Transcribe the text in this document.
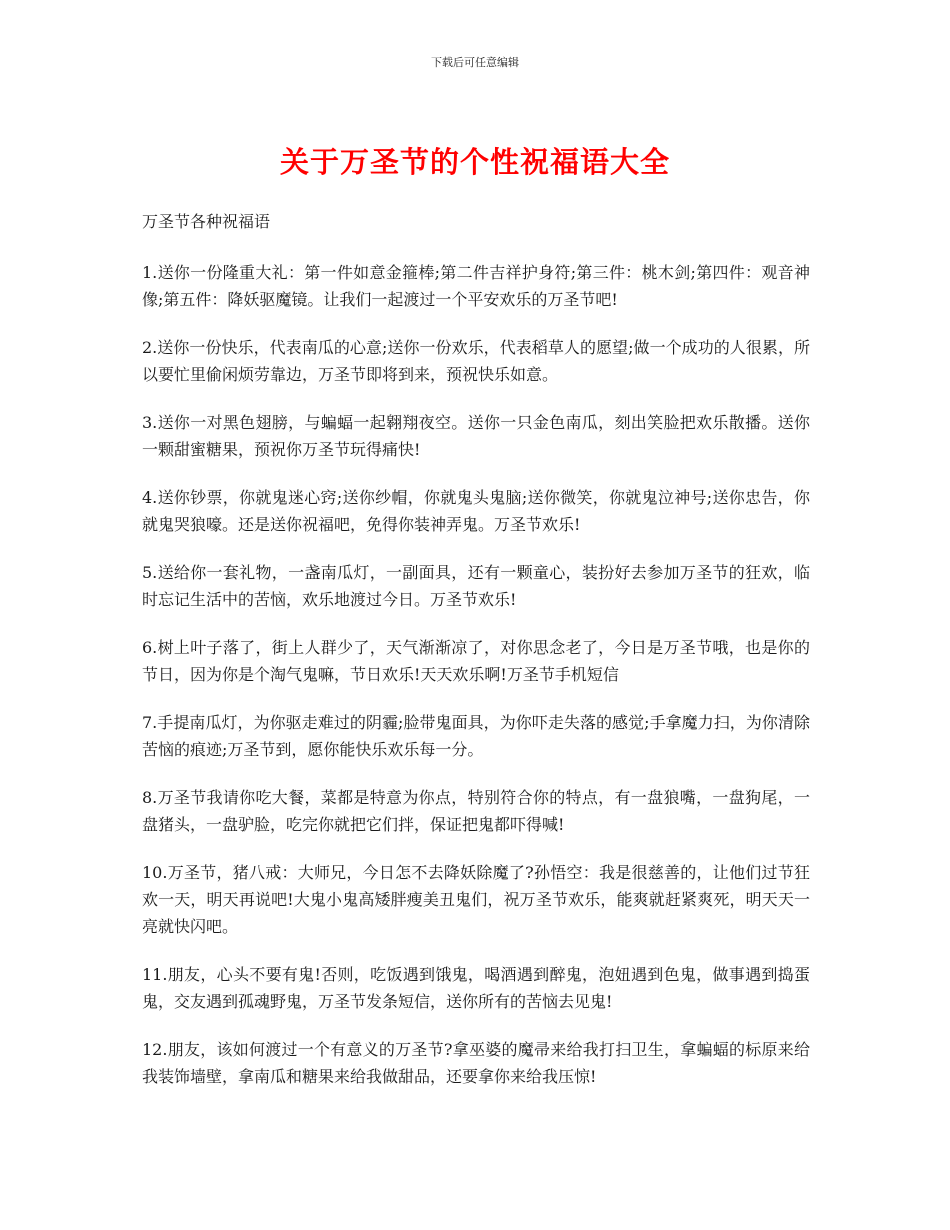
下载后可任意编辑
关于万圣节的个性祝福语大全

万圣节各种祝福语

1.送你一份隆重大礼：第一件如意金箍棒;第二件吉祥护身符;第三件：桃木剑;第四件：观音神像;第五件：降妖驱魔镜。让我们一起渡过一个平安欢乐的万圣节吧!

2.送你一份快乐，代表南瓜的心意;送你一份欢乐，代表稻草人的愿望;做一个成功的人很累，所以要忙里偷闲烦劳靠边，万圣节即将到来，预祝快乐如意。

3.送你一对黑色翅膀，与蝙蝠一起翱翔夜空。送你一只金色南瓜，刻出笑脸把欢乐散播。送你一颗甜蜜糖果，预祝你万圣节玩得痛快!

4.送你钞票，你就鬼迷心窍;送你纱帽，你就鬼头鬼脑;送你微笑，你就鬼泣神号;送你忠告，你就鬼哭狼嚎。还是送你祝福吧，免得你装神弄鬼。万圣节欢乐!

5.送给你一套礼物，一盏南瓜灯，一副面具，还有一颗童心，装扮好去参加万圣节的狂欢，临时忘记生活中的苦恼，欢乐地渡过今日。万圣节欢乐!

6.树上叶子落了，街上人群少了，天气渐渐凉了，对你思念老了，今日是万圣节哦，也是你的节日，因为你是个淘气鬼嘛，节日欢乐!天天欢乐啊!万圣节手机短信

7.手提南瓜灯，为你驱走难过的阴霾;脸带鬼面具，为你吓走失落的感觉;手拿魔力扫，为你清除苦恼的痕迹;万圣节到，愿你能快乐欢乐每一分。

8.万圣节我请你吃大餐，菜都是特意为你点，特别符合你的特点，有一盘狼嘴，一盘狗尾，一盘猪头，一盘驴脸，吃完你就把它们拌，保证把鬼都吓得喊!

10.万圣节，猪八戒：大师兄，今日怎不去降妖除魔了?孙悟空：我是很慈善的，让他们过节狂欢一天，明天再说吧!大鬼小鬼高矮胖瘦美丑鬼们，祝万圣节欢乐，能爽就赶紧爽死，明天天一亮就快闪吧。

11.朋友，心头不要有鬼!否则，吃饭遇到饿鬼，喝酒遇到醉鬼，泡妞遇到色鬼，做事遇到捣蛋鬼，交友遇到孤魂野鬼，万圣节发条短信，送你所有的苦恼去见鬼!

12.朋友，该如何渡过一个有意义的万圣节?拿巫婆的魔帚来给我打扫卫生，拿蝙蝠的标原来给我装饰墙壁，拿南瓜和糖果来给我做甜品，还要拿你来给我压惊!
